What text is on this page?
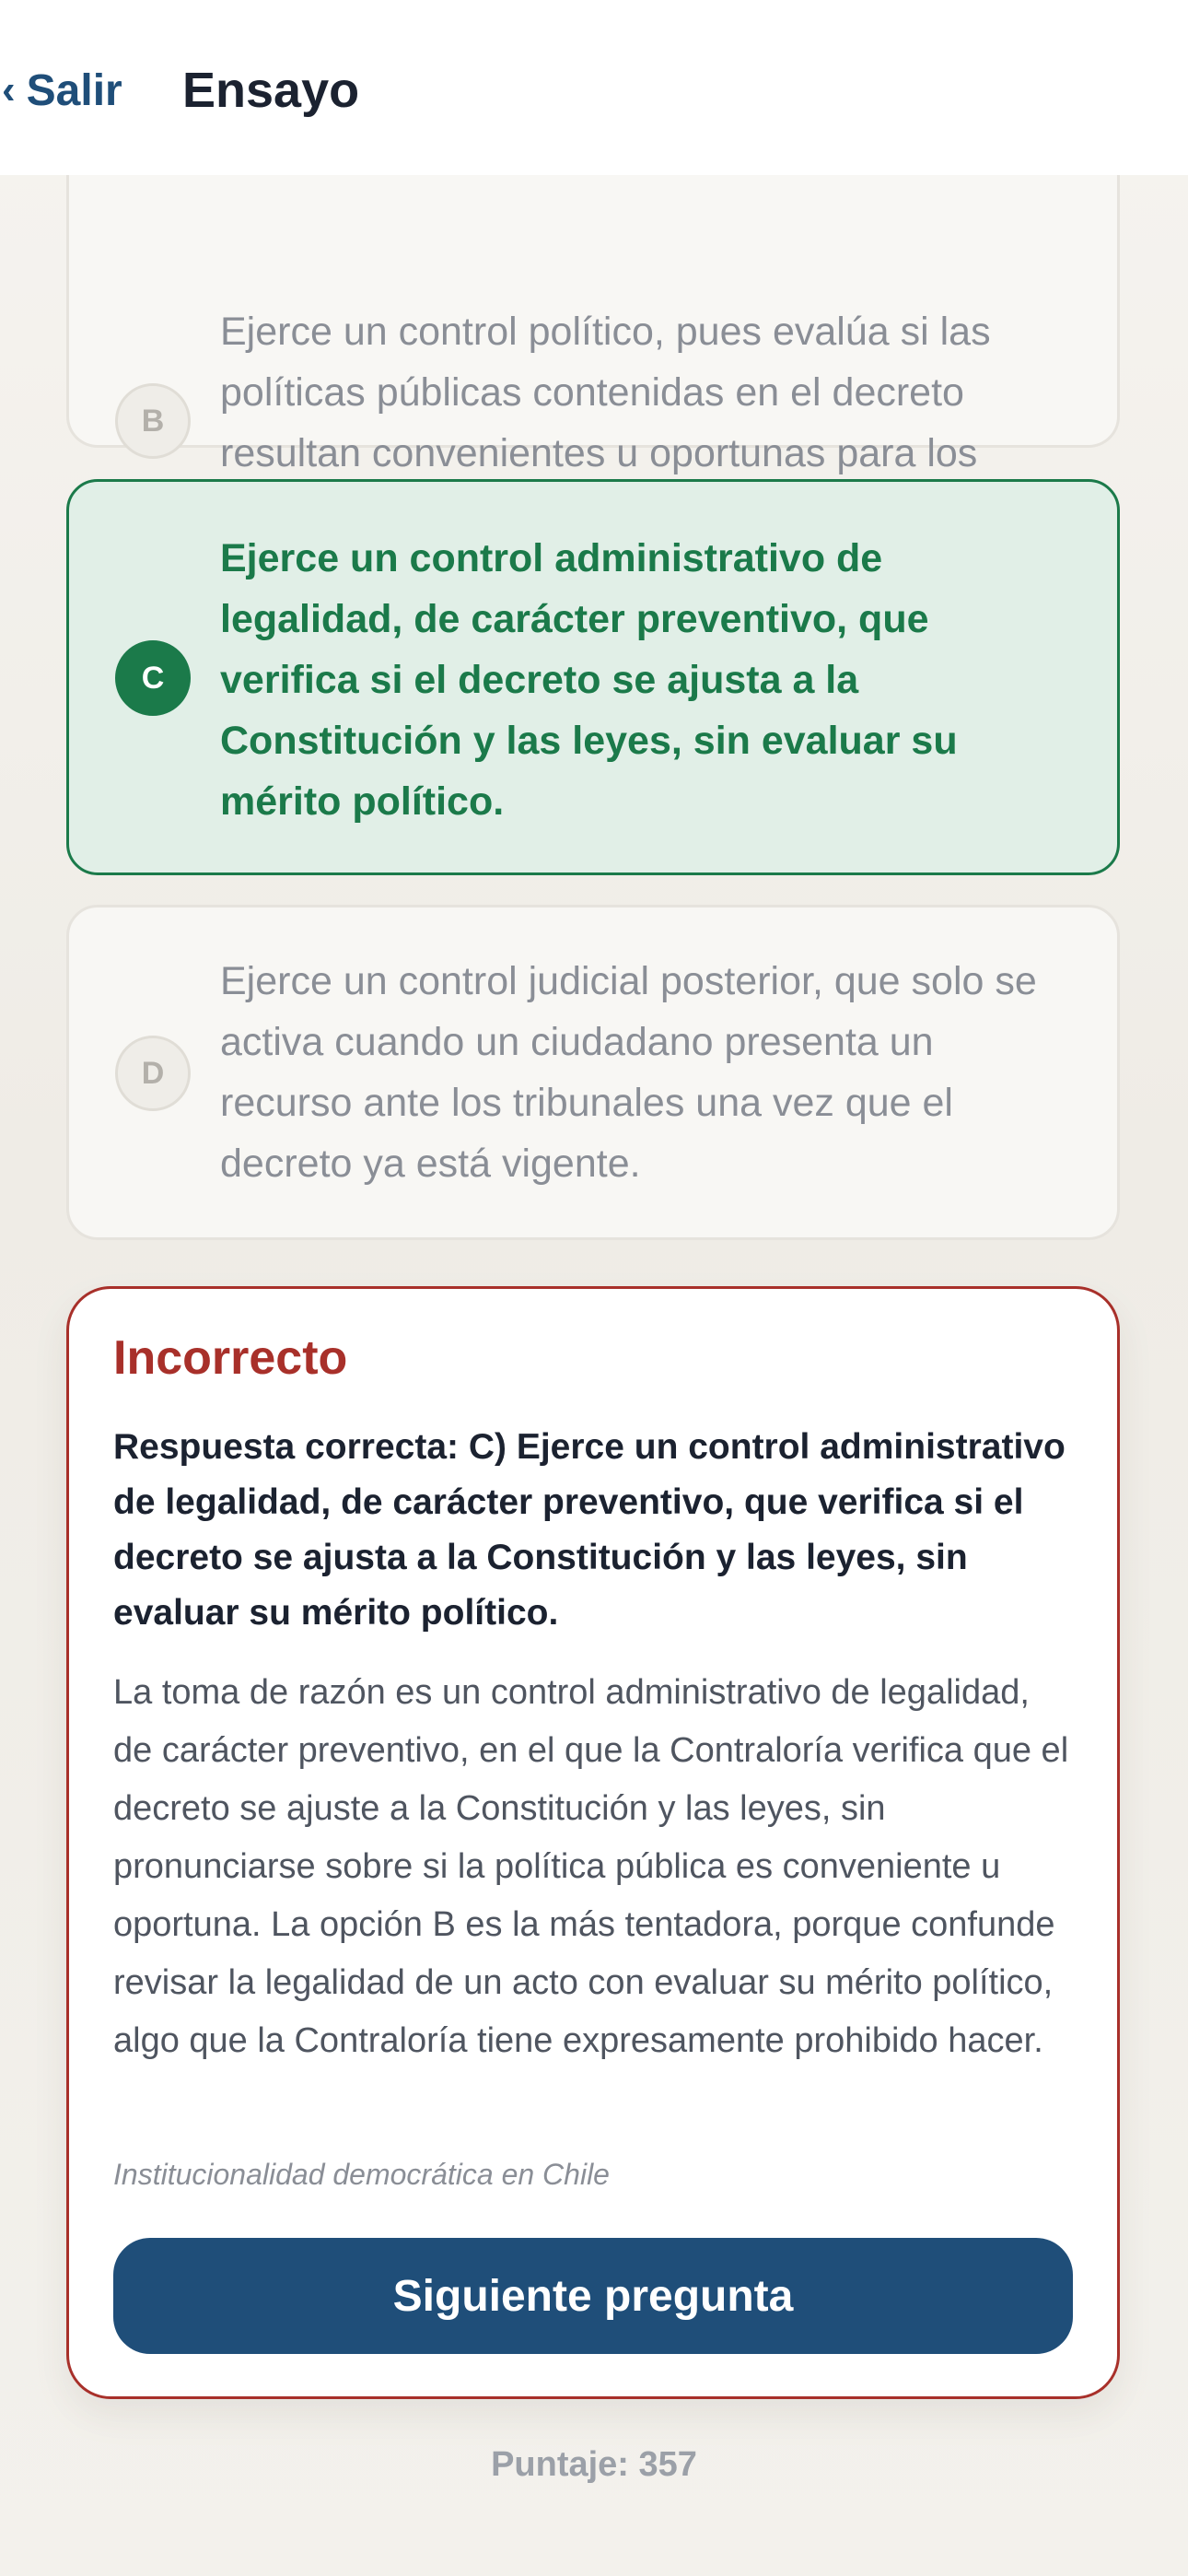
‹ Salir Ensayo
B
Ejerce un control político, pues evalúa si las políticas públicas contenidas en el decreto resultan convenientes u oportunas para los
C
Ejerce un control administrativo de legalidad, de carácter preventivo, que verifica si el decreto se ajusta a la Constitución y las leyes, sin evaluar su mérito político.
D
Ejerce un control judicial posterior, que solo se activa cuando un ciudadano presenta un recurso ante los tribunales una vez que el decreto ya está vigente.
Incorrecto
Respuesta correcta: C) Ejerce un control administrativo de legalidad, de carácter preventivo, que verifica si el decreto se ajusta a la Constitución y las leyes, sin evaluar su mérito político.
La toma de razón es un control administrativo de legalidad, de carácter preventivo, en el que la Contraloría verifica que el decreto se ajuste a la Constitución y las leyes, sin pronunciarse sobre si la política pública es conveniente u oportuna. La opción B es la más tentadora, porque confunde revisar la legalidad de un acto con evaluar su mérito político, algo que la Contraloría tiene expresamente prohibido hacer.
Institucionalidad democrática en Chile
Siguiente pregunta
Puntaje: 357
